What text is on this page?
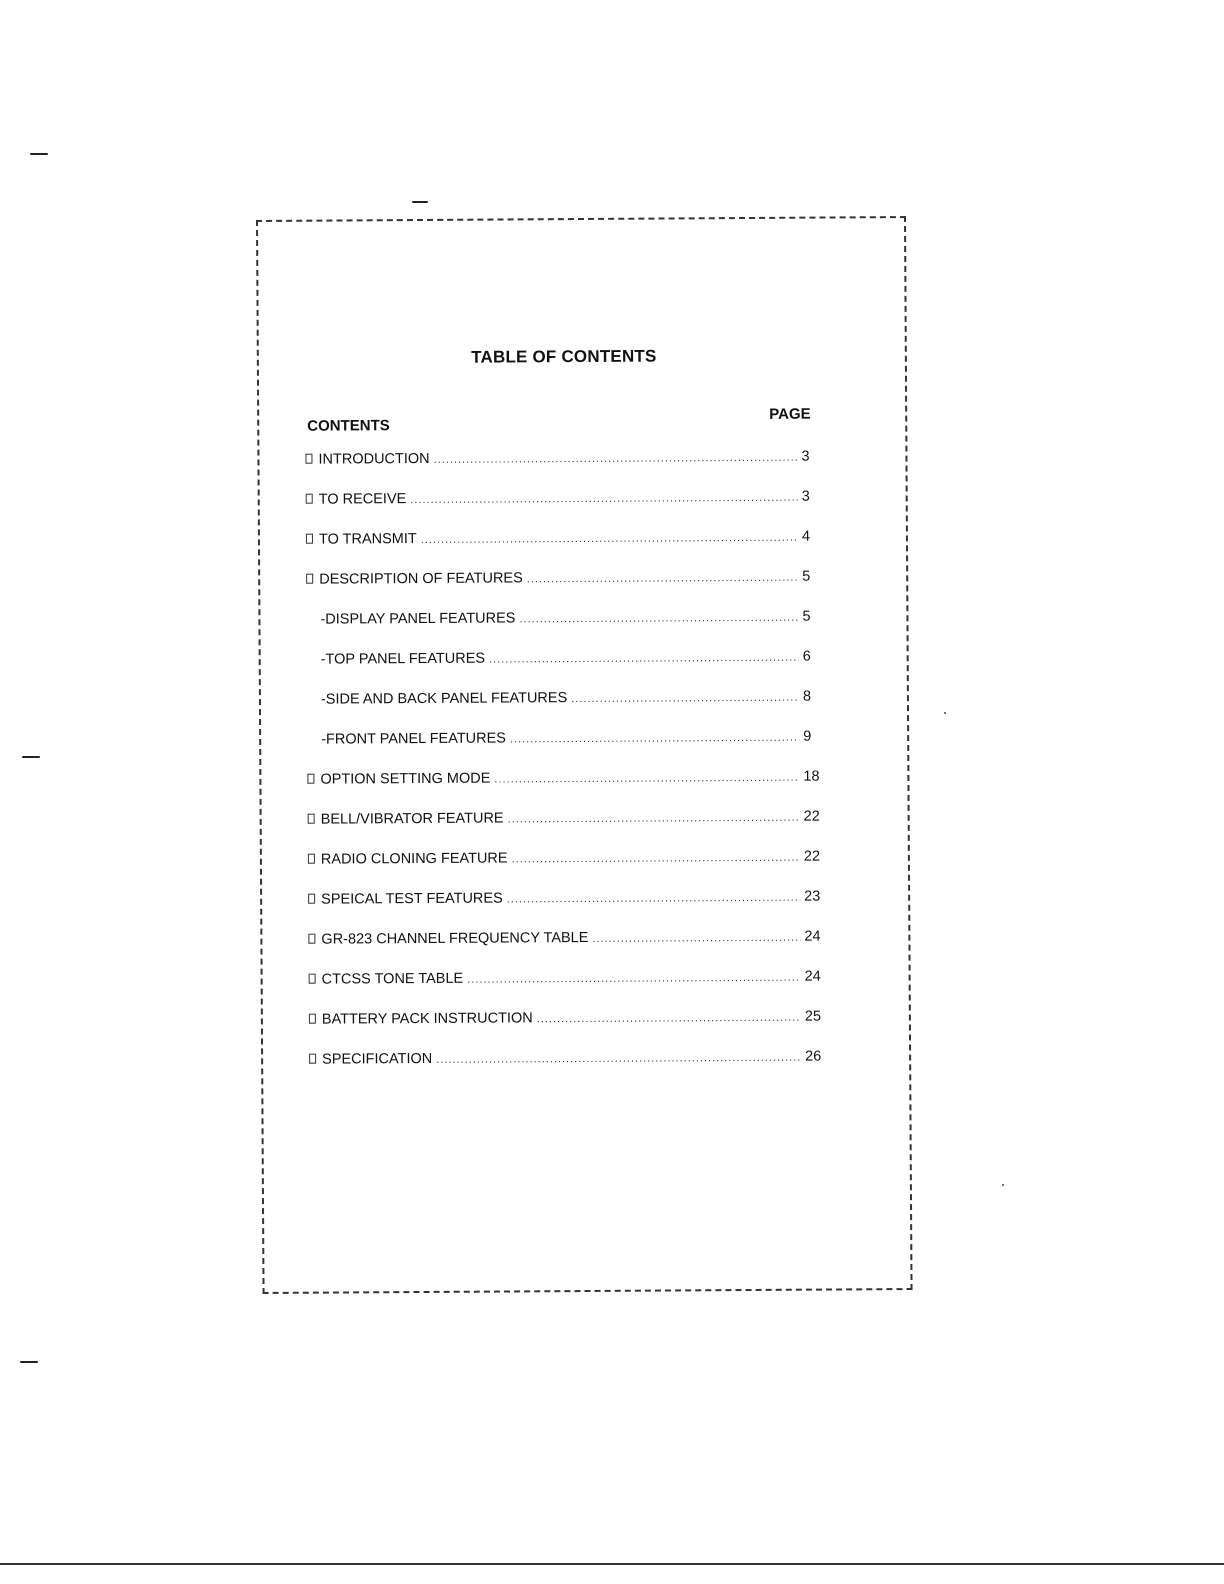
TABLE OF CONTENTS
CONTENTS
PAGE
INTRODUCTION .....	3
TO RECEIVE .....	3
TO TRANSMIT .....	4
DESCRIPTION OF FEATURES .....	5
-DISPLAY PANEL FEATURES .....	5
-TOP PANEL FEATURES .....	6
-SIDE AND BACK PANEL FEATURES .....	8
-FRONT PANEL FEATURES .....	9
OPTION SETTING MODE .....	18
BELL/VIBRATOR FEATURE .....	22
RADIO CLONING FEATURE .....	22
SPEICAL TEST FEATURES .....	23
GR-823 CHANNEL FREQUENCY TABLE .....	24
CTCSS TONE TABLE .....	24
BATTERY PACK INSTRUCTION .....	25
SPECIFICATION .....	26
